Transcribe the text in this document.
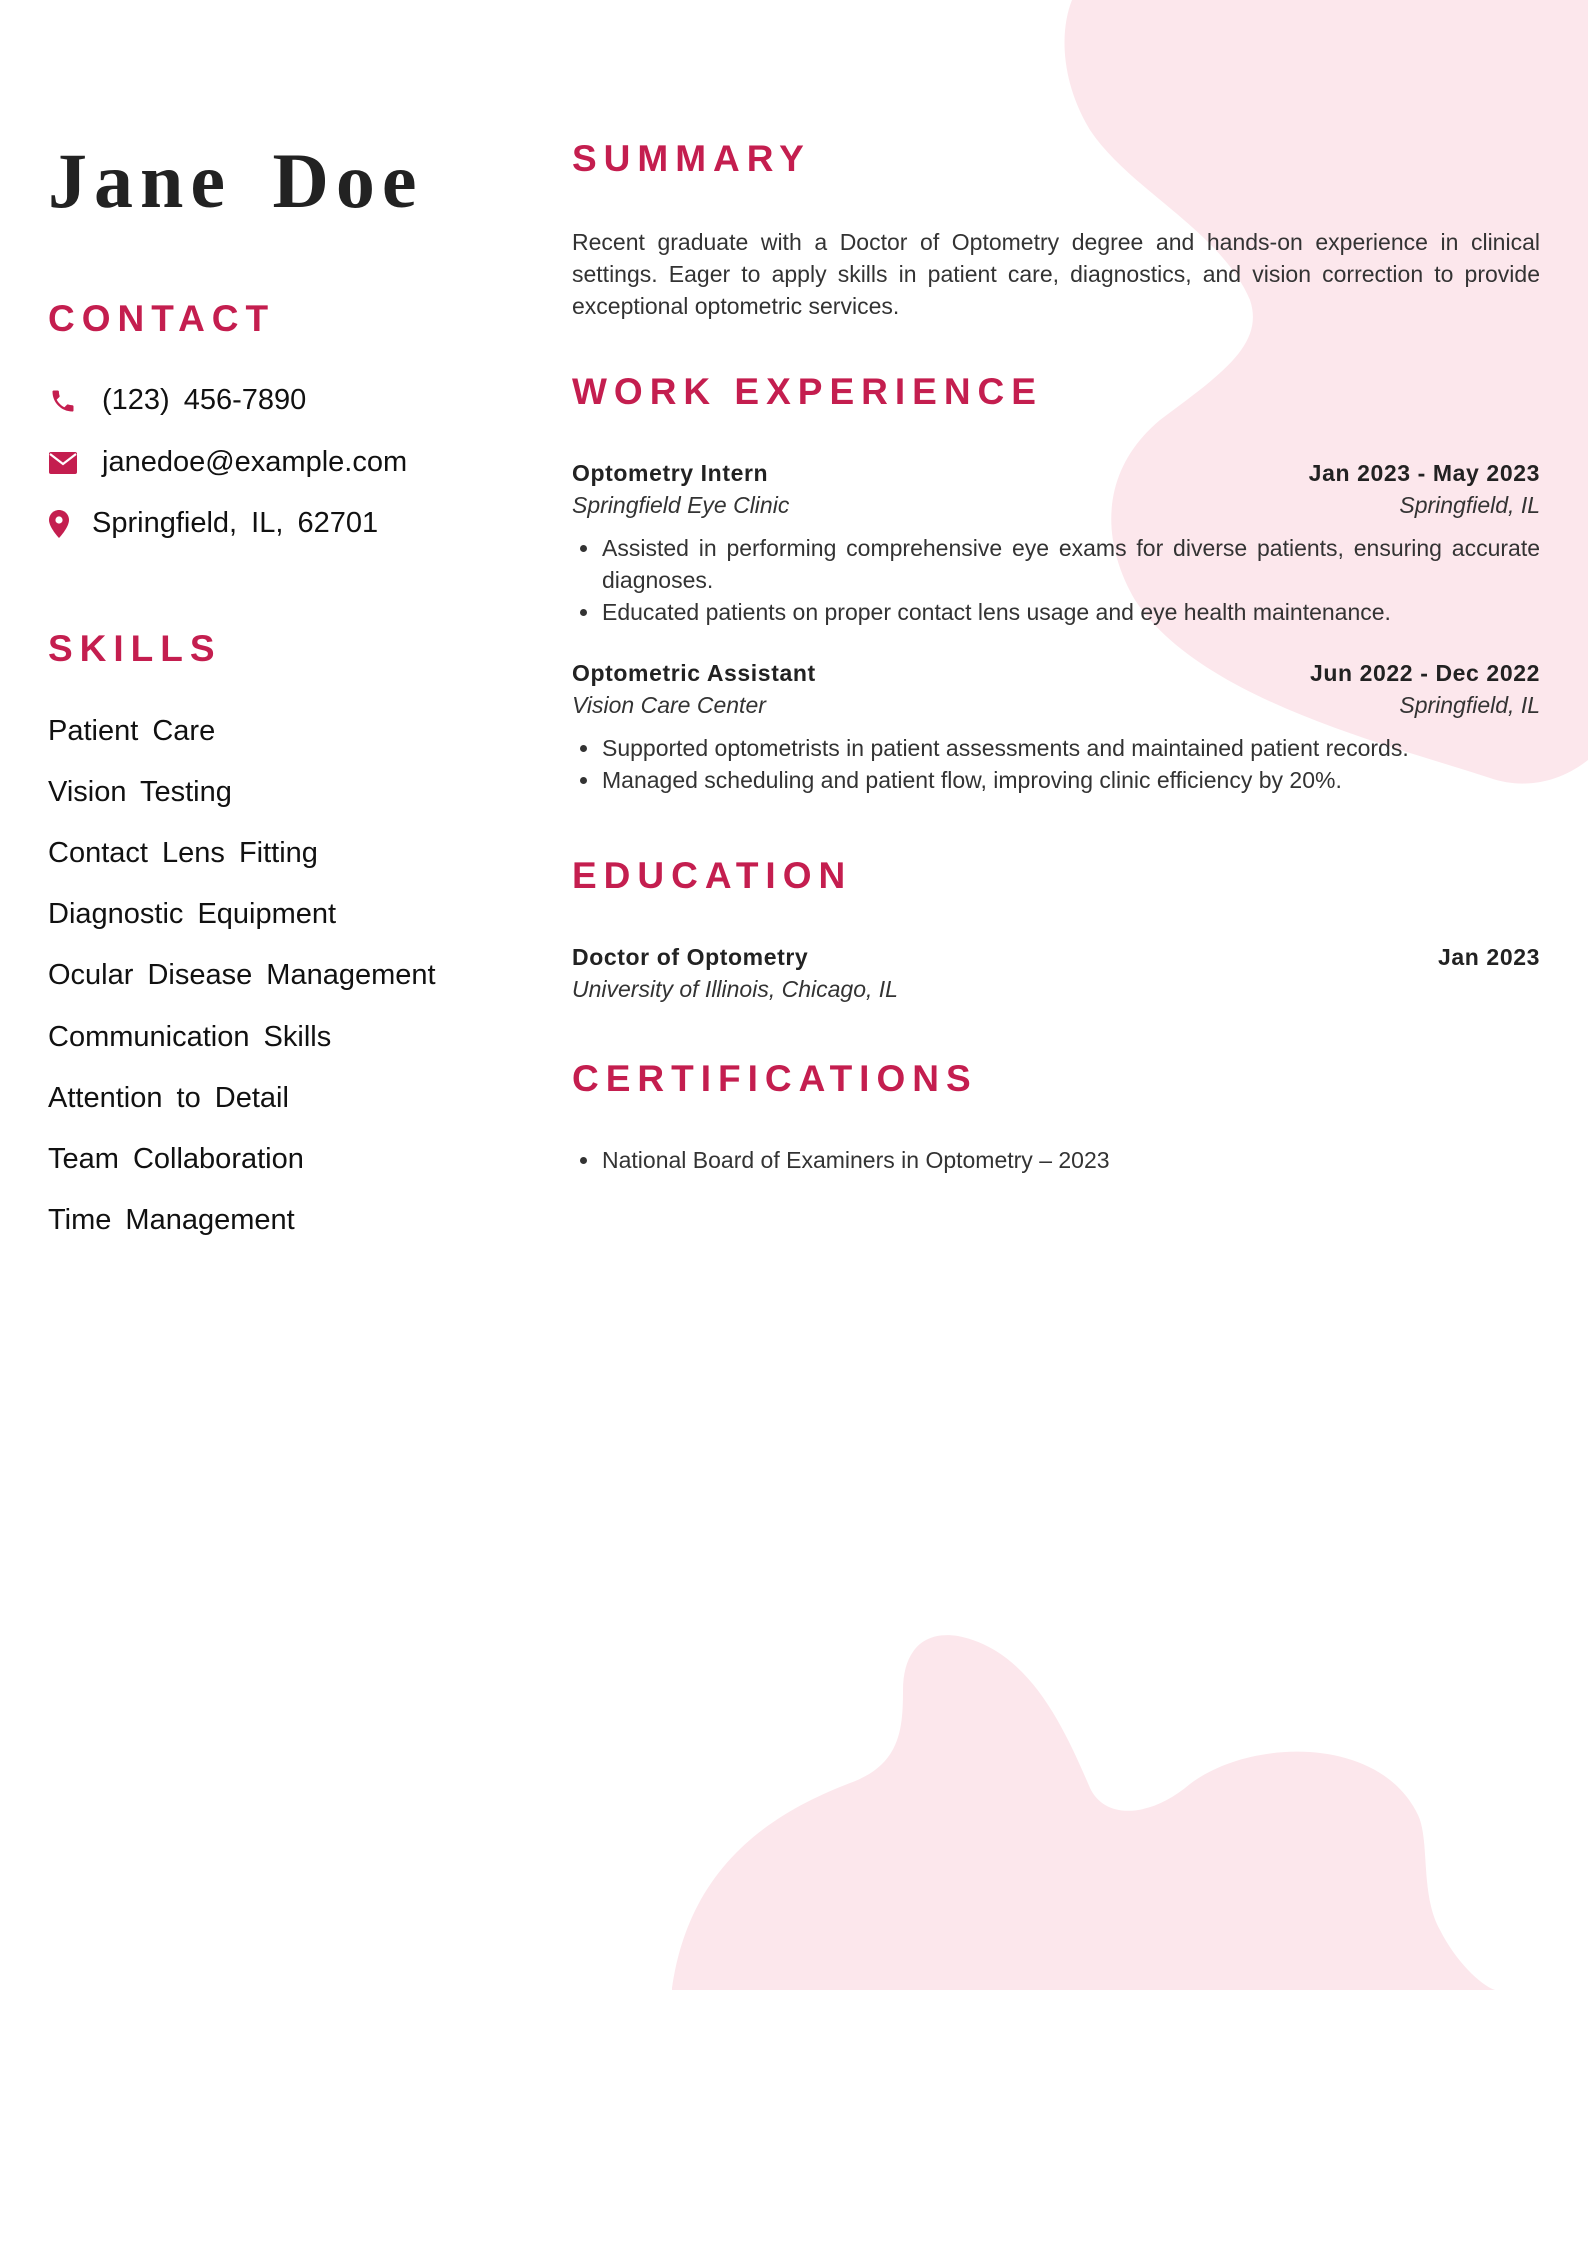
Jane Doe
CONTACT
(123) 456-7890
janedoe@example.com
Springfield, IL, 62701
SKILLS
Patient Care
Vision Testing
Contact Lens Fitting
Diagnostic Equipment
Ocular Disease Management
Communication Skills
Attention to Detail
Team Collaboration
Time Management
SUMMARY

Recent graduate with a Doctor of Optometry degree and hands-on experience in clinical settings. Eager to apply skills in patient care, diagnostics, and vision correction to provide exceptional optometric services.

WORK EXPERIENCE
Optometry Intern	Jan 2023 - May 2023
Springfield Eye Clinic	Springfield, IL
Assisted in performing comprehensive eye exams for diverse patients, ensuring accurate diagnoses.
Educated patients on proper contact lens usage and eye health maintenance.
Optometric Assistant	Jun 2022 - Dec 2022
Vision Care Center	Springfield, IL
Supported optometrists in patient assessments and maintained patient records.
Managed scheduling and patient flow, improving clinic efficiency by 20%.
EDUCATION
Doctor of Optometry	Jan 2023
University of Illinois, Chicago, IL
CERTIFICATIONS
National Board of Examiners in Optometry – 2023
